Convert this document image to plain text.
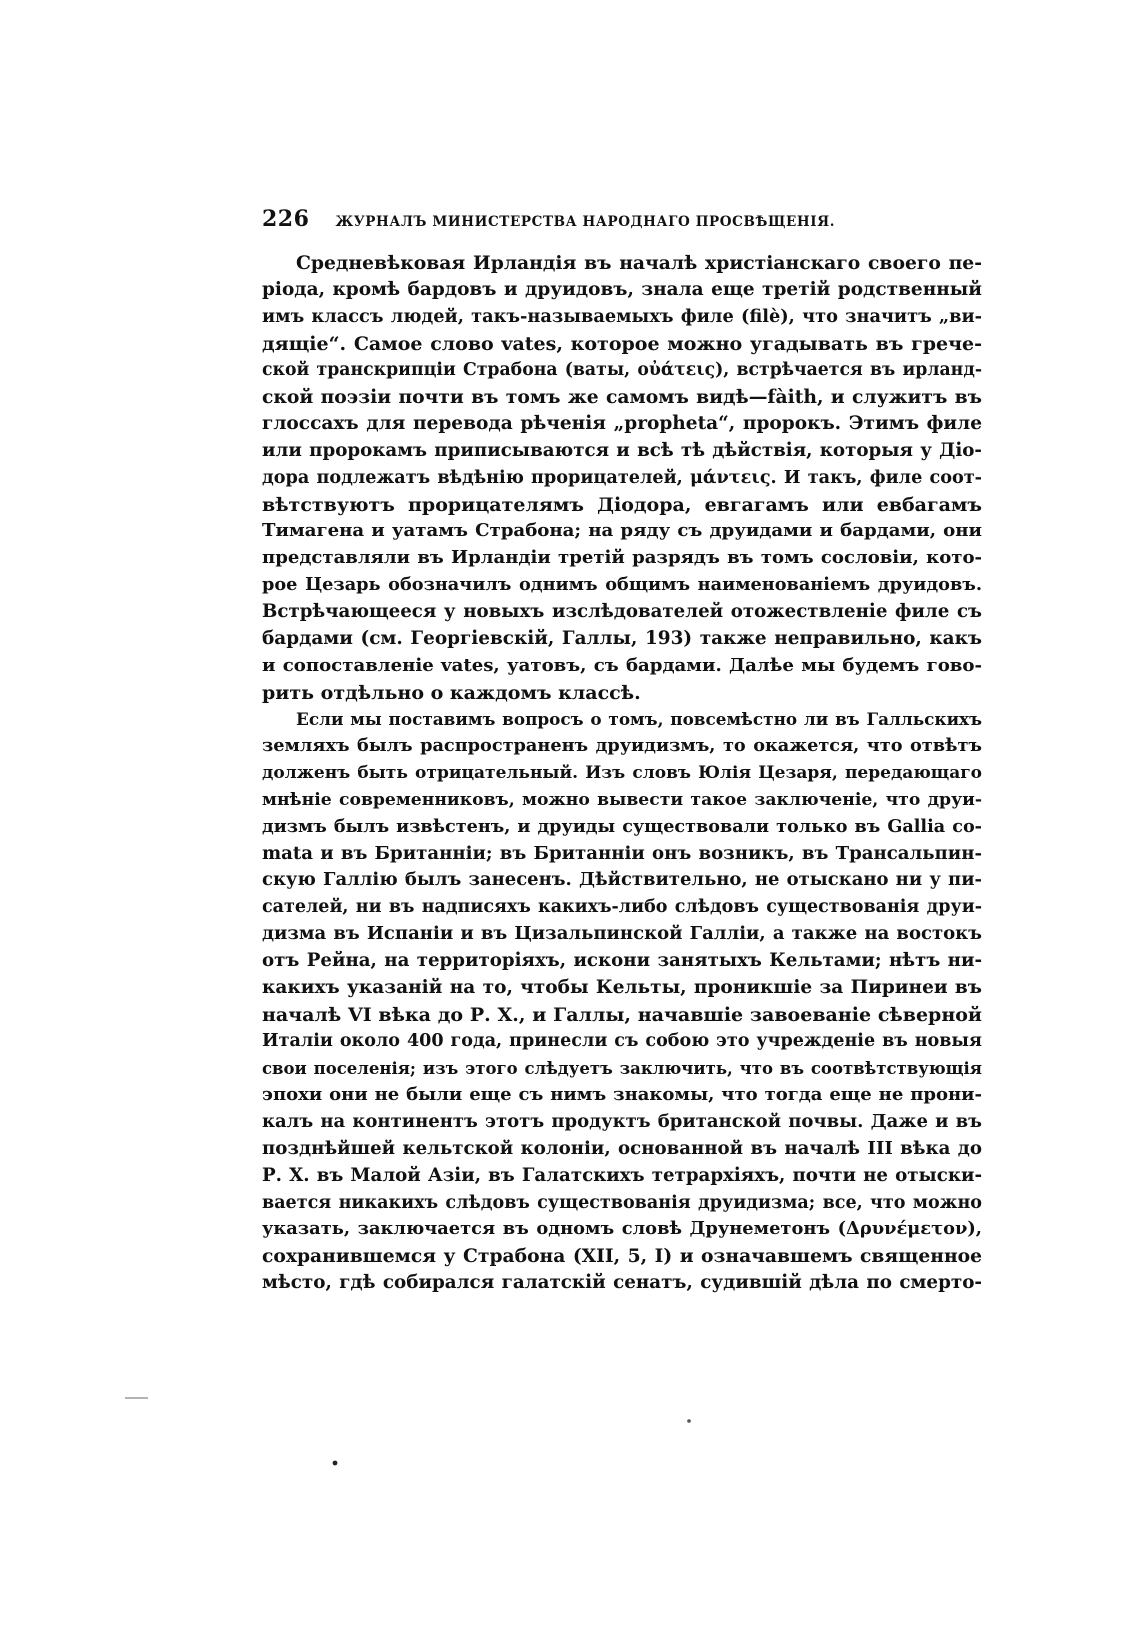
226 ЖУРНАЛЪ МИНИСТЕРСТВА НАРОДНАГО ПРОСВѢЩЕНІЯ.
Средневѣковая Ирландія въ началѣ христіанскаго своего пе-
ріода, кромѣ бардовъ и друидовъ, знала еще третій родственный
имъ классъ людей, такъ-называемыхъ филе (filè), что значитъ „ви-
дящіе“. Самое слово vates, которое можно угадывать въ грече-
ской транскрипціи Страбона (ваты, οὐάτεις), встрѣчается въ ирланд-
ской поэзіи почти въ томъ же самомъ видѣ—fàith, и служитъ въ
глоссахъ для перевода рѣченія „propheta“, пророкъ. Этимъ филе
или пророкамъ приписываются и всѣ тѣ дѣйствія, которыя у Діо-
дора подлежатъ вѣдѣнію прорицателей, μάντεις. И такъ, филе соот-
вѣтствуютъ прорицателямъ Діодора, евгагамъ или евбагамъ
Тимагена и уатамъ Страбона; на ряду съ друидами и бардами, они
представляли въ Ирландіи третій разрядъ въ томъ сословіи, кото-
рое Цезарь обозначилъ однимъ общимъ наименованіемъ друидовъ.
Встрѣчающееся у новыхъ изслѣдователей отожествленіе филе съ
бардами (см. Георгіевскій, Галлы, 193) также неправильно, какъ
и сопоставленіе vates, уатовъ, съ бардами. Далѣе мы будемъ гово-
рить отдѣльно о каждомъ классѣ.
Если мы поставимъ вопросъ о томъ, повсемѣстно ли въ Галльскихъ
земляхъ былъ распространенъ друидизмъ, то окажется, что отвѣтъ
долженъ быть отрицательный. Изъ словъ Юлія Цезаря, передающаго
мнѣніе современниковъ, можно вывести такое заключеніе, что друи-
дизмъ былъ извѣстенъ, и друиды существовали только въ Gallia co-
mata и въ Британніи; въ Британніи онъ возникъ, въ Трансальпин-
скую Галлію былъ занесенъ. Дѣйствительно, не отыскано ни у пи-
сателей, ни въ надписяхъ какихъ-либо слѣдовъ существованія друи-
дизма въ Испаніи и въ Цизальпинской Галліи, а также на востокъ
отъ Рейна, на территоріяхъ, искони занятыхъ Кельтами; нѣтъ ни-
какихъ указаній на то, чтобы Кельты, проникшіе за Пиринеи въ
началѣ VI вѣка до Р. Х., и Галлы, начавшіе завоеваніе сѣверной
Италіи около 400 года, принесли съ собою это учрежденіе въ новыя
свои поселенія; изъ этого слѣдуетъ заключить, что въ соотвѣтствующія
эпохи они не были еще съ нимъ знакомы, что тогда еще не прони-
калъ на континентъ этотъ продуктъ британской почвы. Даже и въ
позднѣйшей кельтской колоніи, основанной въ началѣ III вѣка до
Р. Х. въ Малой Азіи, въ Галатскихъ тетрархіяхъ, почти не отыски-
вается никакихъ слѣдовъ существованія друидизма; все, что можно
указать, заключается въ одномъ словѣ Друнеметонъ (Δρυνέμετον),
сохранившемся у Страбона (XII, 5, I) и означавшемъ священное
мѣсто, гдѣ собирался галатскій сенатъ, судившій дѣла по смерто-
